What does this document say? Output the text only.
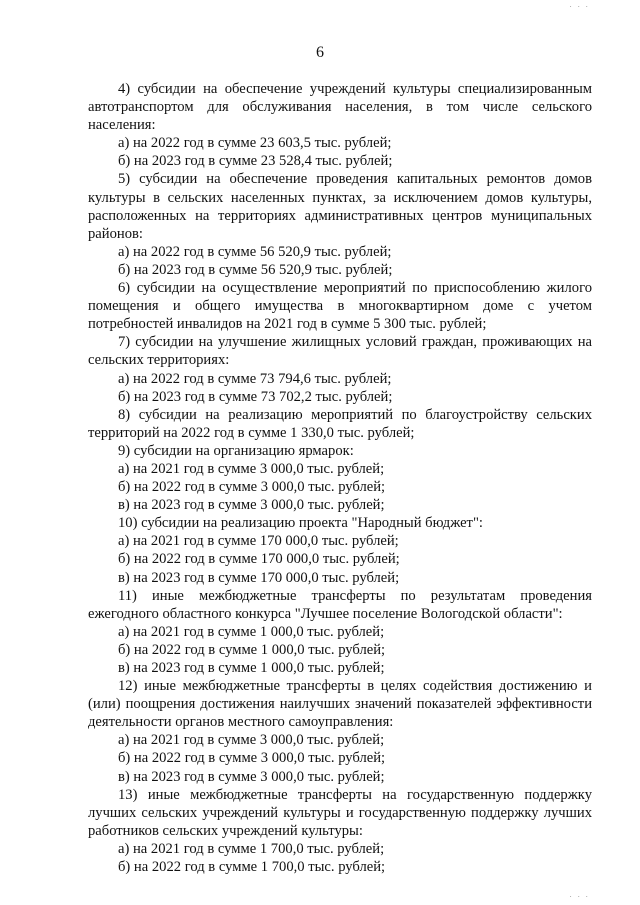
· · ·
6

4) субсидии на обеспечение учреждений культуры специализированным автотранспортом для обслуживания населения, в том числе сельского населения:

а) на 2022 год в сумме 23 603,5 тыс. рублей;

б) на 2023 год в сумме 23 528,4 тыс. рублей;

5) субсидии на обеспечение проведения капитальных ремонтов домов культуры в сельских населенных пунктах, за исключением домов культуры, расположенных на территориях административных центров муниципальных районов:

а) на 2022 год в сумме 56 520,9 тыс. рублей;

б) на 2023 год в сумме 56 520,9 тыс. рублей;

6) субсидии на осуществление мероприятий по приспособлению жилого помещения и общего имущества в многоквартирном доме с учетом потребностей инвалидов на 2021 год в сумме 5 300 тыс. рублей;

7) субсидии на улучшение жилищных условий граждан, проживающих на сельских территориях:

а) на 2022 год в сумме 73 794,6 тыс. рублей;

б) на 2023 год в сумме 73 702,2 тыс. рублей;

8) субсидии на реализацию мероприятий по благоустройству сельских территорий на 2022 год в сумме 1 330,0 тыс. рублей;

9) субсидии на организацию ярмарок:

а) на 2021 год в сумме 3 000,0 тыс. рублей;

б) на 2022 год в сумме 3 000,0 тыс. рублей;

в) на 2023 год в сумме 3 000,0 тыс. рублей;

10) субсидии на реализацию проекта "Народный бюджет":

а) на 2021 год в сумме 170 000,0 тыс. рублей;

б) на 2022 год в сумме 170 000,0 тыс. рублей;

в) на 2023 год в сумме 170 000,0 тыс. рублей;

11) иные межбюджетные трансферты по результатам проведения ежегодного областного конкурса "Лучшее поселение Вологодской области":

а) на 2021 год в сумме 1 000,0 тыс. рублей;

б) на 2022 год в сумме 1 000,0 тыс. рублей;

в) на 2023 год в сумме 1 000,0 тыс. рублей;

12) иные межбюджетные трансферты в целях содействия достижению и (или) поощрения достижения наилучших значений показателей эффективности деятельности органов местного самоуправления:

а) на 2021 год в сумме 3 000,0 тыс. рублей;

б) на 2022 год в сумме 3 000,0 тыс. рублей;

в) на 2023 год в сумме 3 000,0 тыс. рублей;

13) иные межбюджетные трансферты на государственную поддержку лучших сельских учреждений культуры и государственную поддержку лучших работников сельских учреждений культуры:

а) на 2021 год в сумме 1 700,0 тыс. рублей;

б) на 2022 год в сумме 1 700,0 тыс. рублей;

· · ·
